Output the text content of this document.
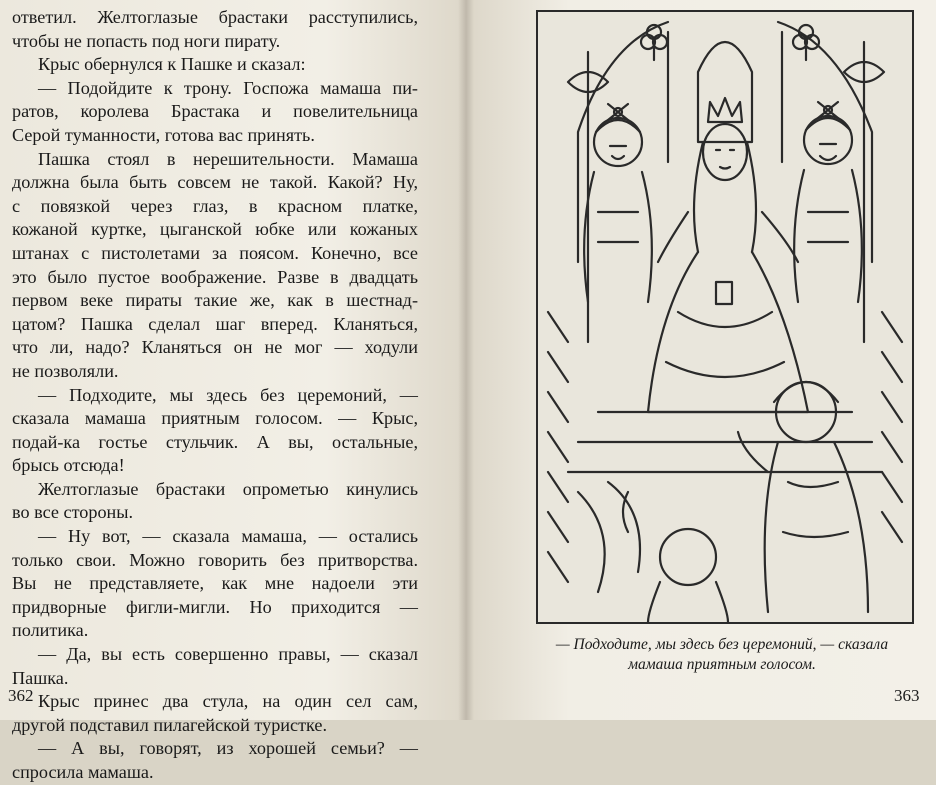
ответил. Желтоглазые брастаки расступились,
чтобы не попасть под ноги пирату.
Крыс обернулся к Пашке и сказал:
— Подойдите к трону. Госпожа мамаша пи-
ратов, королева Брастака и повелительница
Серой туманности, готова вас принять.
Пашка стоял в нерешительности. Мамаша
должна была быть совсем не такой. Какой? Ну,
с повязкой через глаз, в красном платке,
кожаной куртке, цыганской юбке или кожаных
штанах с пистолетами за поясом. Конечно, все
это было пустое воображение. Разве в двадцать
первом веке пираты такие же, как в шестнад-
цатом? Пашка сделал шаг вперед. Кланяться,
что ли, надо? Кланяться он не мог — ходули
не позволяли.
— Подходите, мы здесь без церемоний, —
сказала мамаша приятным голосом. — Крыс,
подай-ка гостье стульчик. А вы, остальные,
брысь отсюда!
Желтоглазые брастаки опрометью кинулись
во все стороны.
— Ну вот, — сказала мамаша, — остались
только свои. Можно говорить без притворства.
Вы не представляете, как мне надоели эти
придворные фигли-мигли. Но приходится —
политика.
— Да, вы есть совершенно правы, — сказал
Пашка.
Крыс принес два стула, на один сел сам,
другой подставил пилагейской туристке.
— А вы, говорят, из хорошей семьи? —
спросила мамаша.
362
— Подходите, мы здесь без церемоний, — сказала
мамаша приятным голосом.
363
